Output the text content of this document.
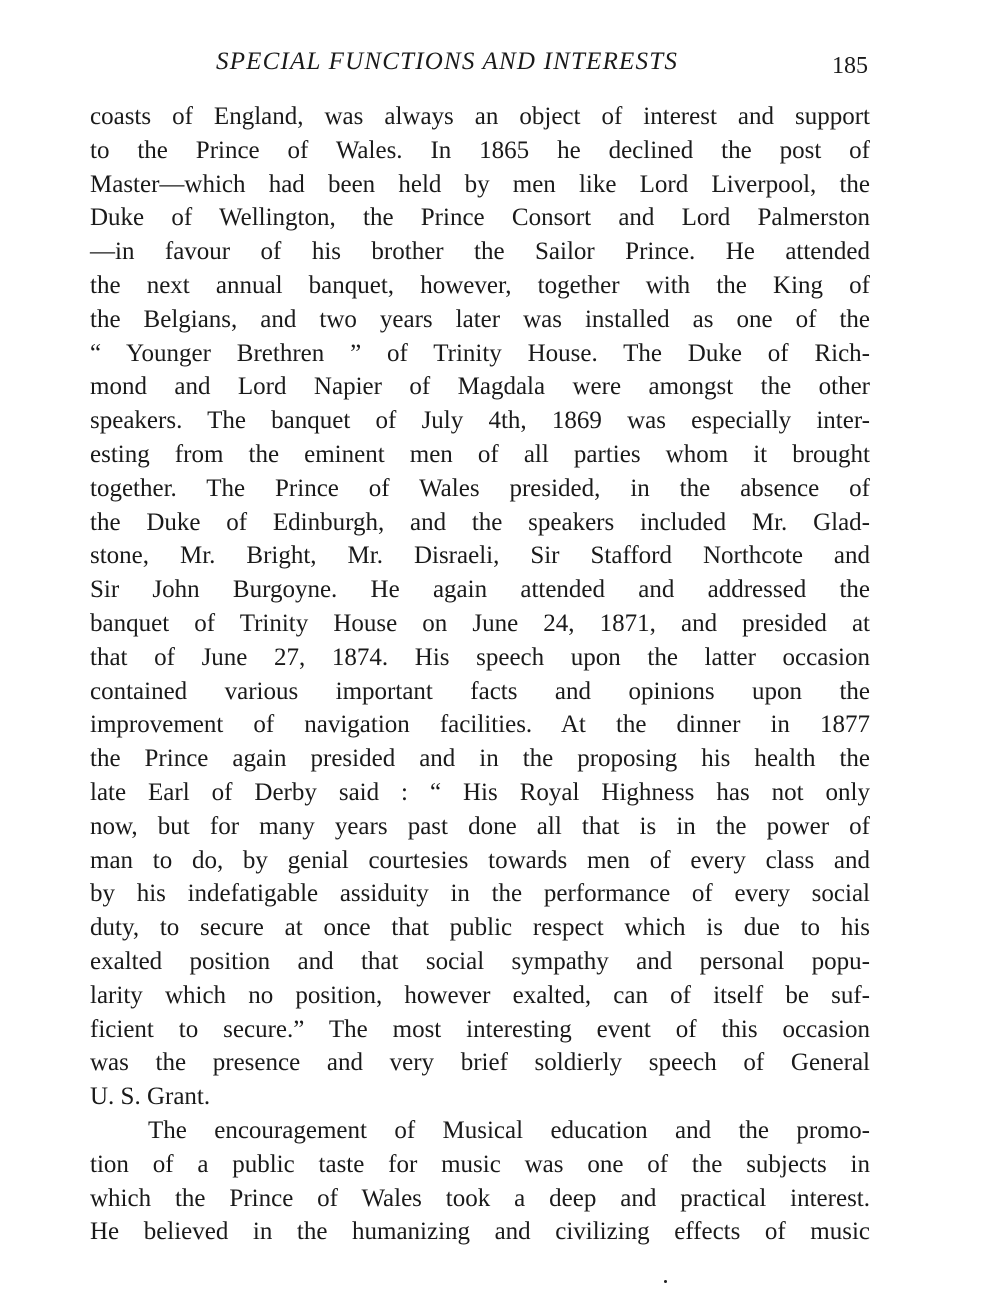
SPECIAL FUNCTIONS AND INTERESTS	185
coasts of England, was always an object of interest and support
to the Prince of Wales. In 1865 he declined the post of
Master—which had been held by men like Lord Liverpool, the
Duke of Wellington, the Prince Consort and Lord Palmerston
—in favour of his brother the Sailor Prince. He attended
the next annual banquet, however, together with the King of
the Belgians, and two years later was installed as one of the
“ Younger Brethren ” of Trinity House. The Duke of Rich-
mond and Lord Napier of Magdala were amongst the other
speakers. The banquet of July 4th, 1869 was especially inter-
esting from the eminent men of all parties whom it brought
together. The Prince of Wales presided, in the absence of
the Duke of Edinburgh, and the speakers included Mr. Glad-
stone, Mr. Bright, Mr. Disraeli, Sir Stafford Northcote and
Sir John Burgoyne. He again attended and addressed the
banquet of Trinity House on June 24, 1871, and presided at
that of June 27, 1874. His speech upon the latter occasion
contained various important facts and opinions upon the
improvement of navigation facilities. At the dinner in 1877
the Prince again presided and in the proposing his health the
late Earl of Derby said : “ His Royal Highness has not only
now, but for many years past done all that is in the power of
man to do, by genial courtesies towards men of every class and
by his indefatigable assiduity in the performance of every social
duty, to secure at once that public respect which is due to his
exalted position and that social sympathy and personal popu-
larity which no position, however exalted, can of itself be suf-
ficient to secure.” The most interesting event of this occasion
was the presence and very brief soldierly speech of General
U. S. Grant.
The encouragement of Musical education and the promo-
tion of a public taste for music was one of the subjects in
which the Prince of Wales took a deep and practical interest.
He believed in the humanizing and civilizing effects of music
